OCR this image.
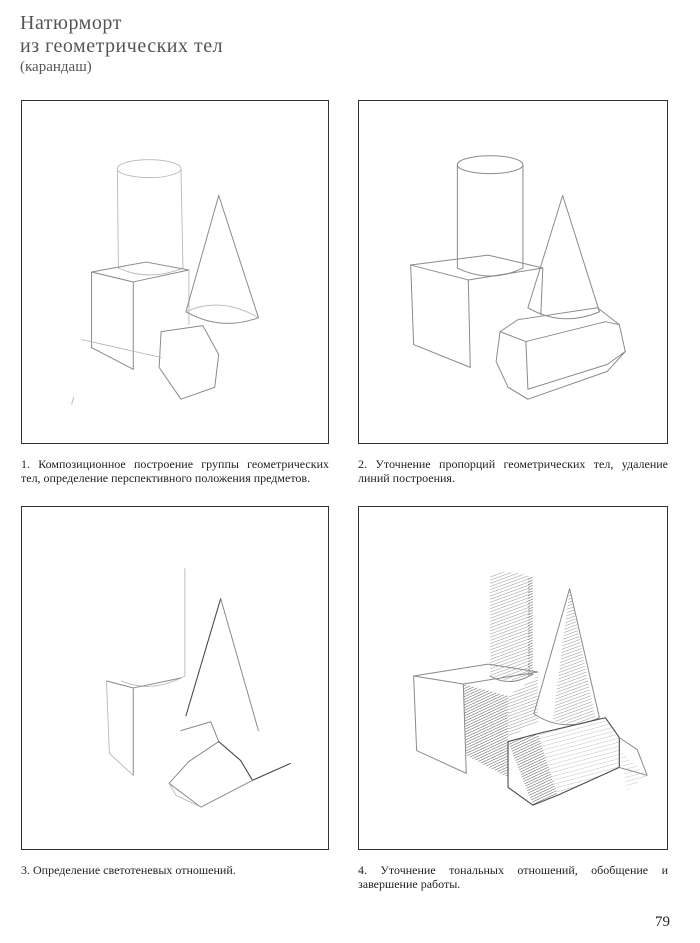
Натюрморт
из геометрических тел
(карандаш)
1. Композиционное построение группы геометрических тел, определение перспективного положения предметов.
2. Уточнение пропорций геометрических тел, удаление линий построения.
3. Определение светотеневых отношений.	4. Уточнение тональных отношений, обобщение и завершение работы.
79
